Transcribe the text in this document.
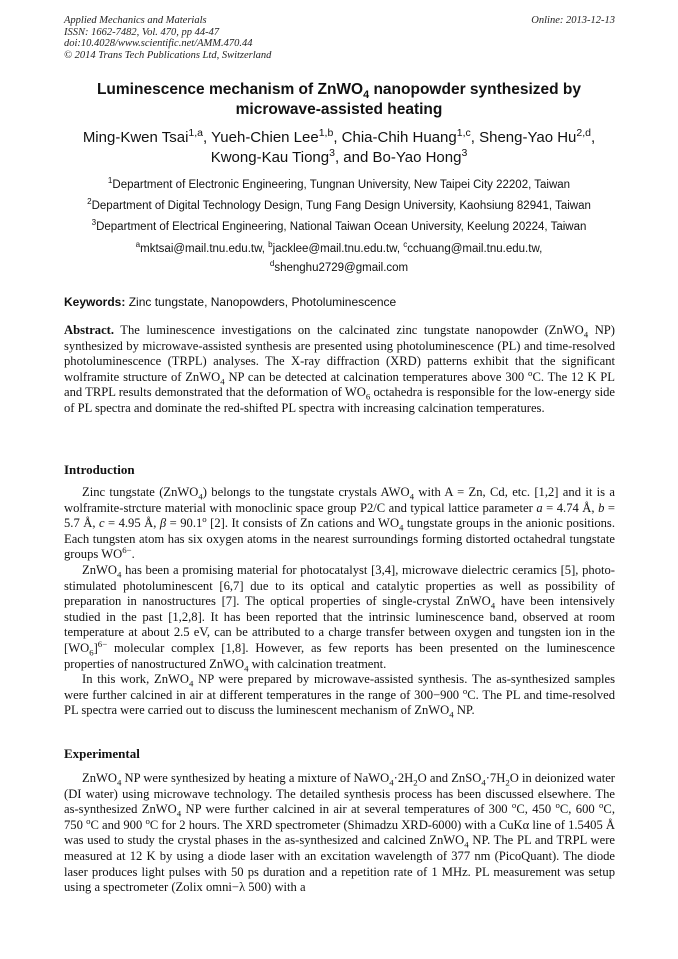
Applied Mechanics and Materials
ISSN: 1662-7482, Vol. 470, pp 44-47
doi:10.4028/www.scientific.net/AMM.470.44
© 2014 Trans Tech Publications Ltd, Switzerland
Online: 2013-12-13
Luminescence mechanism of ZnWO$_4$ nanopowder synthesized by microwave-assisted heating
Ming-Kwen Tsai$^{1,a}$, Yueh-Chien Lee$^{1,b}$, Chia-Chih Huang$^{1,c}$, Sheng-Yao Hu$^{2,d}$,
Kwong-Kau Tiong$^3$, and Bo-Yao Hong$^3$
$^1$Department of Electronic Engineering, Tungnan University, New Taipei City 22202, Taiwan
$^2$Department of Digital Technology Design, Tung Fang Design University, Kaohsiung 82941, Taiwan
$^3$Department of Electrical Engineering, National Taiwan Ocean University, Keelung 20224, Taiwan
$^a$mktsai@mail.tnu.edu.tw, $^b$jacklee@mail.tnu.edu.tw, $^c$cchuang@mail.tnu.edu.tw,
$^d$shenghu2729@gmail.com
Keywords: Zinc tungstate, Nanopowders, Photoluminescence

Abstract. The luminescence investigations on the calcinated zinc tungstate nanopowder (ZnWO$_4$ NP) synthesized by microwave-assisted synthesis are presented using photoluminescence (PL) and time-resolved photoluminescence (TRPL) analyses. The X-ray diffraction (XRD) patterns exhibit that the significant wolframite structure of ZnWO$_4$ NP can be detected at calcination temperatures above 300 $^o$C. The 12 K PL and TRPL results demonstrated that the deformation of $WO_6$ octahedra is responsible for the low-energy side of PL spectra and dominate the red-shifted PL spectra with increasing calcination temperatures.

Introduction

Zinc tungstate (ZnWO$_4$) belongs to the tungstate crystals $AWO_4$ with A = Zn, Cd, etc. [1,2] and it is a wolframite-strcture material with monoclinic space group P2/C and typical lattice parameter a = 4.74 Å, b = 5.7 Å, c = 4.95 Å, $\beta = 90.1^o$ [2]. It consists of Zn cations and $WO_4$ tungstate groups in the anionic positions. Each tungsten atom has six oxygen atoms in the nearest surroundings forming distorted octahedral tungstate groups $WO^{6-}$.

ZnWO$_4$ has been a promising material for photocatalyst [3,4], microwave dielectric ceramics [5], photo-stimulated photoluminescent [6,7] due to its optical and catalytic properties as well as possibility of preparation in nanostructures [7]. The optical properties of single-crystal ZnWO$_4$ have been intensively studied in the past [1,2,8]. It has been reported that the intrinsic luminescence band, observed at room temperature at about 2.5 eV, can be attributed to a charge transfer between oxygen and tungsten ion in the $[WO_6]^{6-}$ molecular complex [1,8]. However, as few reports has been presented on the luminescence properties of nanostructured ZnWO$_4$ with calcination treatment.

In this work, ZnWO$_4$ NP were prepared by microwave-assisted synthesis. The as-synthesized samples were further calcined in air at different temperatures in the range of 300−900 $^o$C. The PL and time-resolved PL spectra were carried out to discuss the luminescent mechanism of ZnWO$_4$ NP.

Experimental

ZnWO$_4$ NP were synthesized by heating a mixture of $NaWO_4\cdot 2H_2O$ and $ZnSO_4\cdot 7H_2O$ in deionized water (DI water) using microwave technology. The detailed synthesis process has been discussed elsewhere. The as-synthesized ZnWO$_4$ NP were further calcined in air at several temperatures of 300 $^o$C, 450 $^o$C, 600 $^o$C, 750 $^o$C and 900 $^o$C for 2 hours. The XRD spectrometer (Shimadzu XRD-6000) with a CuKα line of 1.5405 Å was used to study the crystal phases in the as-synthesized and calcined ZnWO$_4$ NP. The PL and TRPL were measured at 12 K by using a diode laser with an excitation wavelength of 377 nm (PicoQuant). The diode laser produces light pulses with 50 ps duration and a repetition rate of 1 MHz. PL measurement was setup using a spectrometer (Zolix omni−λ 500) with a
